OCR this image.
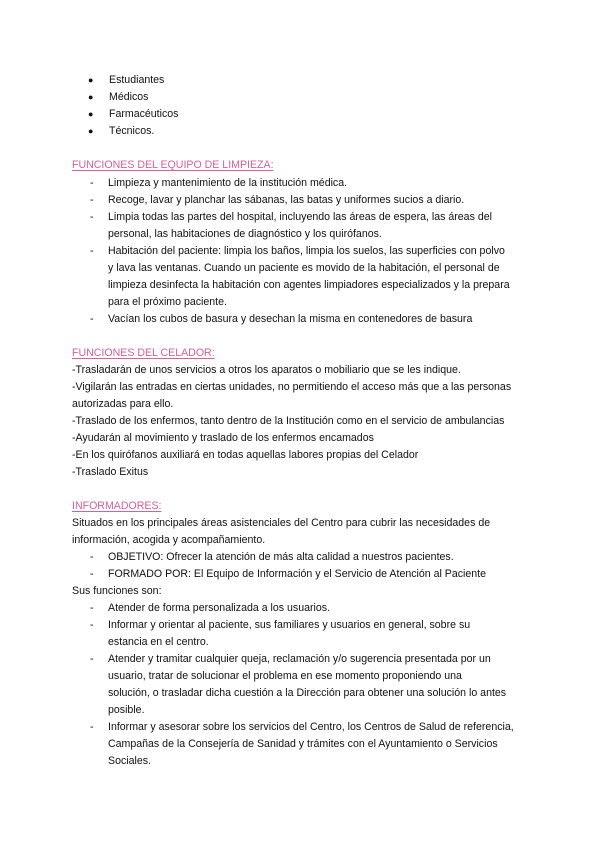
● Estudiantes
● Médicos
● Farmacéuticos
● Técnicos.
FUNCIONES DEL EQUIPO DE LIMPIEZA:
- Limpieza y mantenimiento de la institución médica.
- Recoge, lavar y planchar las sábanas, las batas y uniformes sucios a diario.
- Limpia todas las partes del hospital, incluyendo las áreas de espera, las áreas del
personal, las habitaciones de diagnóstico y los quirófanos.
- Habitación del paciente: limpia los baños, limpia los suelos, las superficies con polvo
y lava las ventanas. Cuando un paciente es movido de la habitación, el personal de
limpieza desinfecta la habitación con agentes limpiadores especializados y la prepara
para el próximo paciente.
- Vacían los cubos de basura y desechan la misma en contenedores de basura
FUNCIONES DEL CELADOR:
-Trasladarán de unos servicios a otros los aparatos o mobiliario que se les indique.
-Vigilarán las entradas en ciertas unidades, no permitiendo el acceso más que a las personas
autorizadas para ello.
-Traslado de los enfermos, tanto dentro de la Institución como en el servicio de ambulancias
-Ayudarán al movimiento y traslado de los enfermos encamados
-En los quirófanos auxiliará en todas aquellas labores propias del Celador
-Traslado Exitus
INFORMADORES:
Situados en los principales áreas asistenciales del Centro para cubrir las necesidades de
información, acogida y acompañamiento.
- OBJETIVO: Ofrecer la atención de más alta calidad a nuestros pacientes.
- FORMADO POR: El Equipo de Información y el Servicio de Atención al Paciente
Sus funciones son:
- Atender de forma personalizada a los usuarios.
- Informar y orientar al paciente, sus familiares y usuarios en general, sobre su
estancia en el centro.
- Atender y tramitar cualquier queja, reclamación y/o sugerencia presentada por un
usuario, tratar de solucionar el problema en ese momento proponiendo una
solución, o trasladar dicha cuestión a la Dirección para obtener una solución lo antes
posible.
- Informar y asesorar sobre los servicios del Centro, los Centros de Salud de referencia,
Campañas de la Consejería de Sanidad y trámites con el Ayuntamiento o Servicios
Sociales.
